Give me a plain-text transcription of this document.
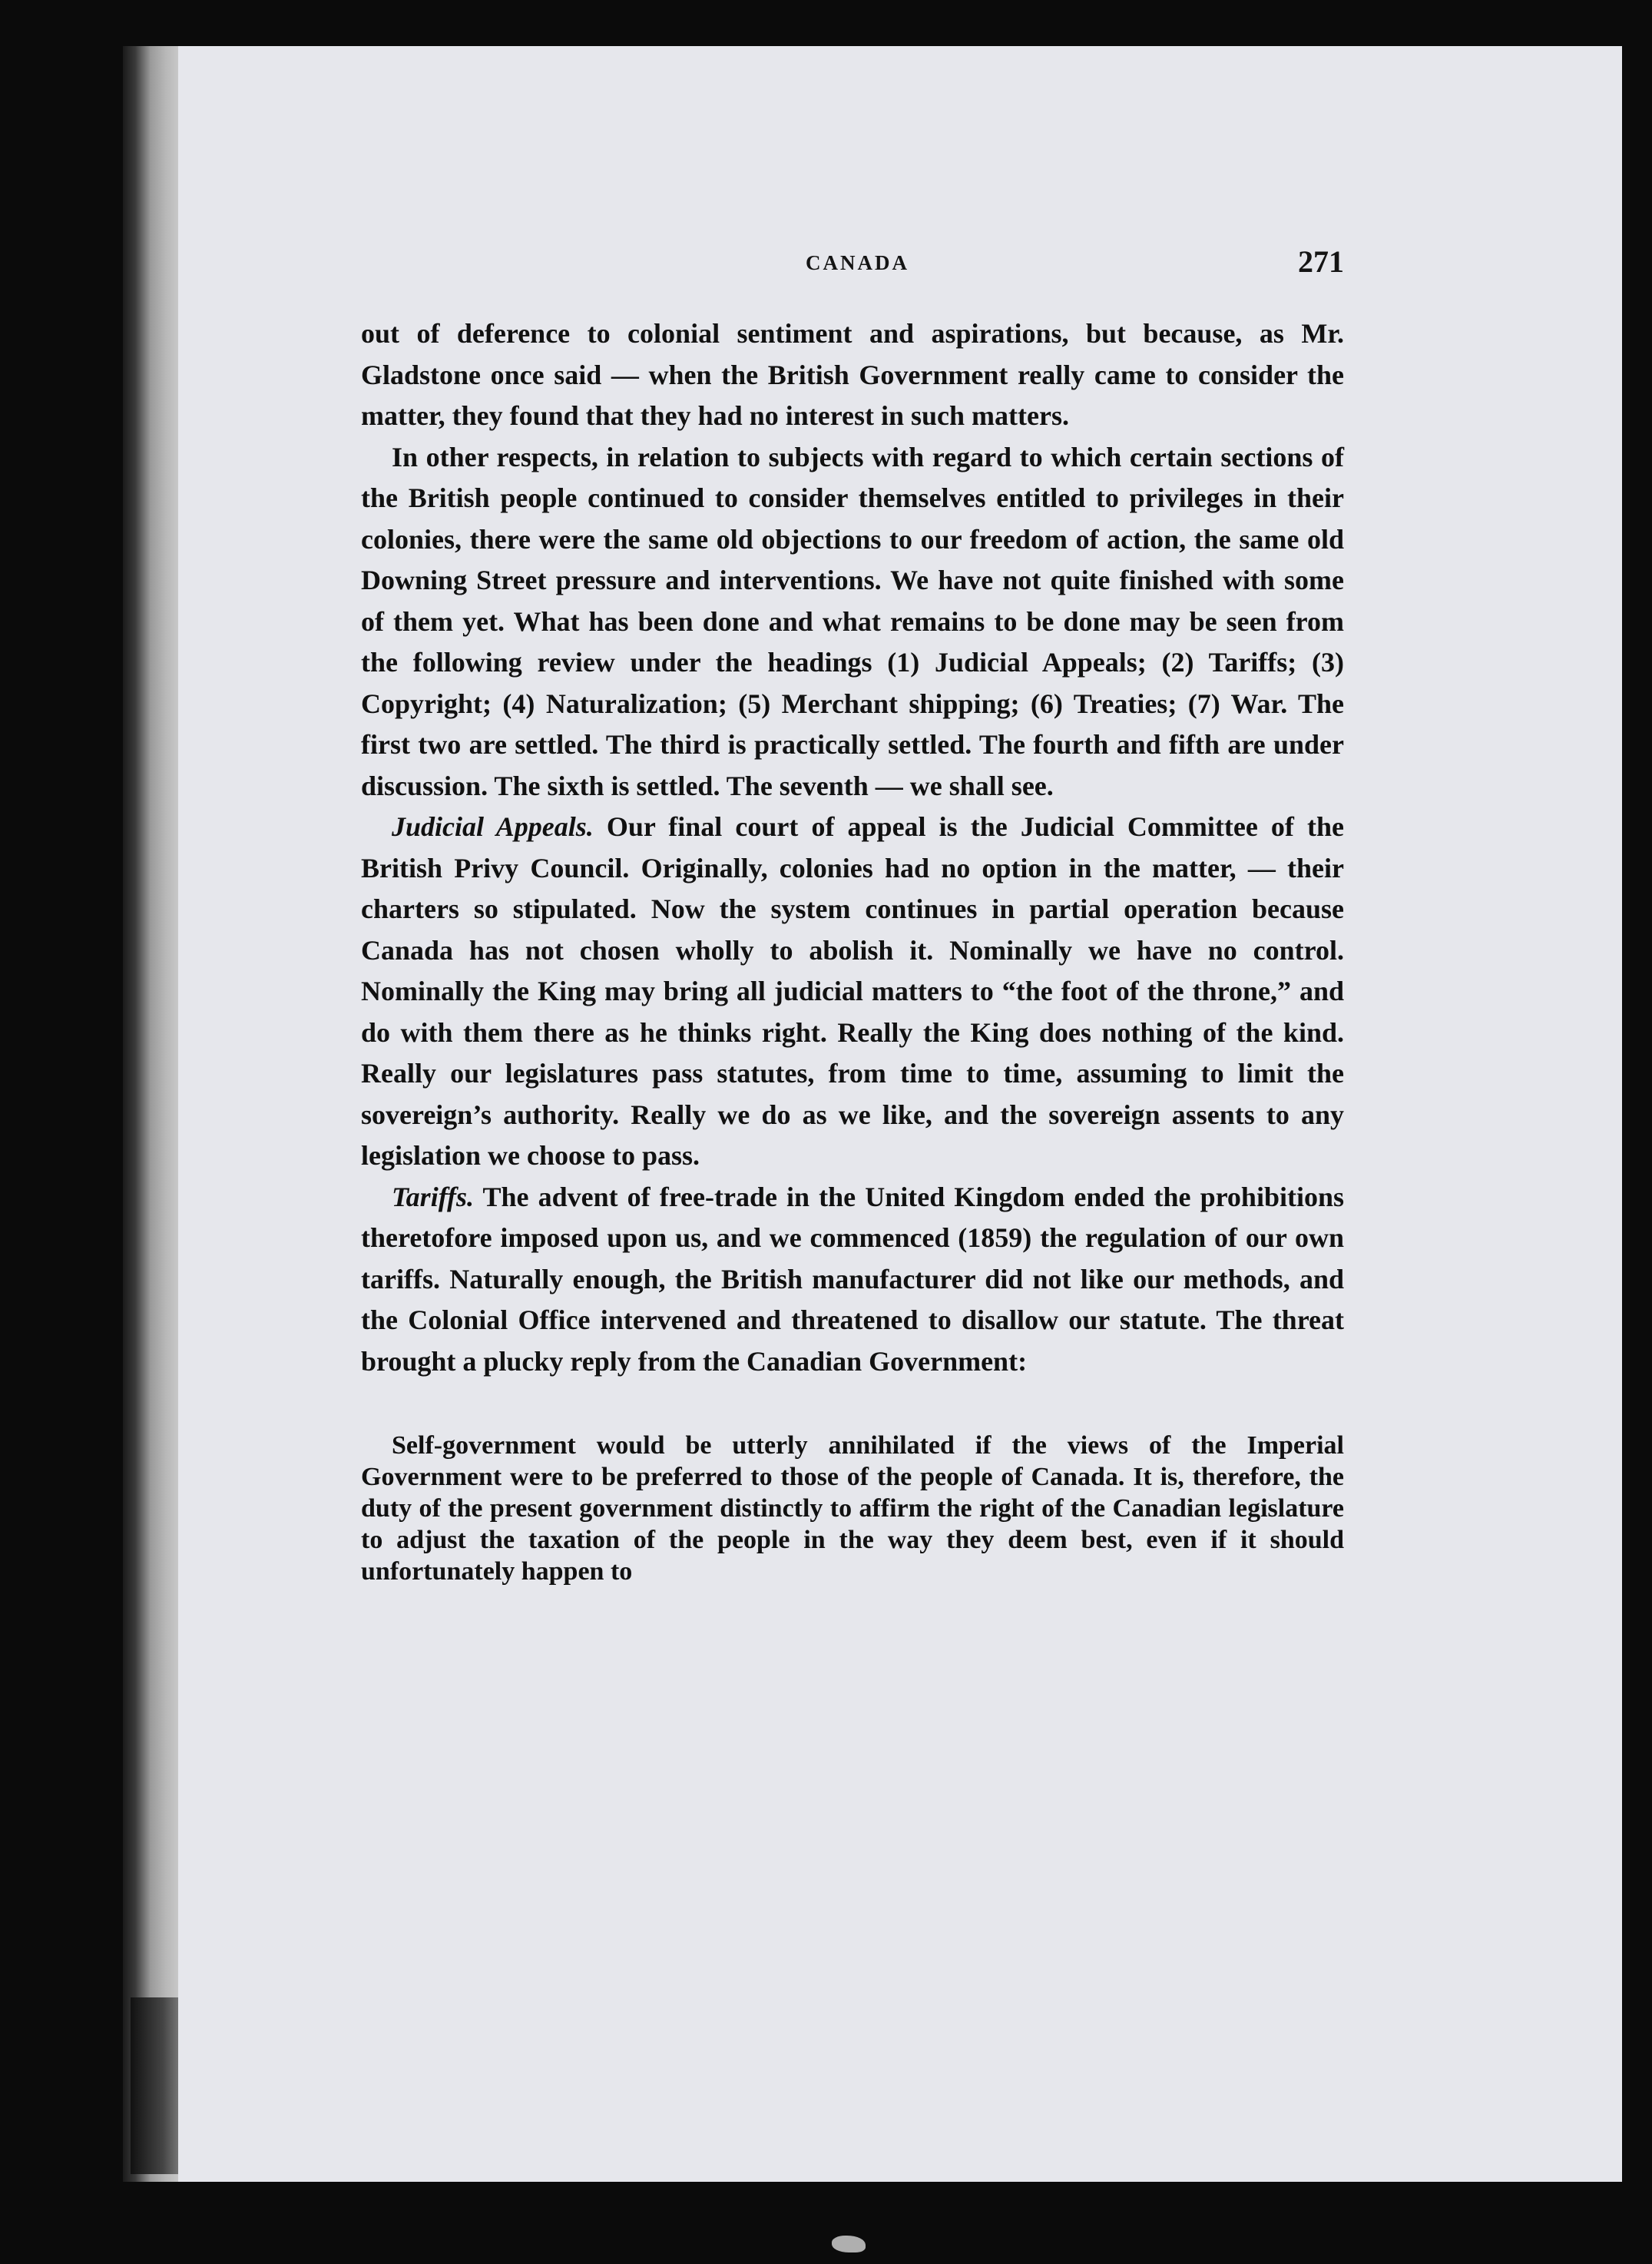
CANADA	271

out of deference to colonial sentiment and aspirations, but because, as Mr. Gladstone once said — when the British Government really came to consider the matter, they found that they had no interest in such matters.

In other respects, in relation to subjects with regard to which certain sections of the British people continued to consider themselves entitled to privileges in their colonies, there were the same old objections to our freedom of action, the same old Downing Street pressure and interventions. We have not quite finished with some of them yet. What has been done and what remains to be done may be seen from the following review under the headings (1) Judicial Appeals; (2) Tariffs; (3) Copyright; (4) Naturalization; (5) Merchant shipping; (6) Treaties; (7) War. The first two are settled. The third is practically settled. The fourth and fifth are under discussion. The sixth is settled. The seventh — we shall see.

Judicial Appeals. Our final court of appeal is the Judicial Committee of the British Privy Council. Originally, colonies had no option in the matter, — their charters so stipulated. Now the system continues in partial operation because Canada has not chosen wholly to abolish it. Nominally we have no control. Nominally the King may bring all judicial matters to “the foot of the throne,” and do with them there as he thinks right. Really the King does nothing of the kind. Really our legislatures pass statutes, from time to time, assuming to limit the sovereign’s authority. Really we do as we like, and the sovereign assents to any legislation we choose to pass.

Tariffs. The advent of free-trade in the United Kingdom ended the prohibitions theretofore imposed upon us, and we commenced (1859) the regulation of our own tariffs. Naturally enough, the British manufacturer did not like our methods, and the Colonial Office intervened and threatened to disallow our statute. The threat brought a plucky reply from the Canadian Government:

Self-government would be utterly annihilated if the views of the Imperial Government were to be preferred to those of the people of Canada. It is, therefore, the duty of the present government distinctly to affirm the right of the Canadian legislature to adjust the taxation of the people in the way they deem best, even if it should unfortunately happen to
